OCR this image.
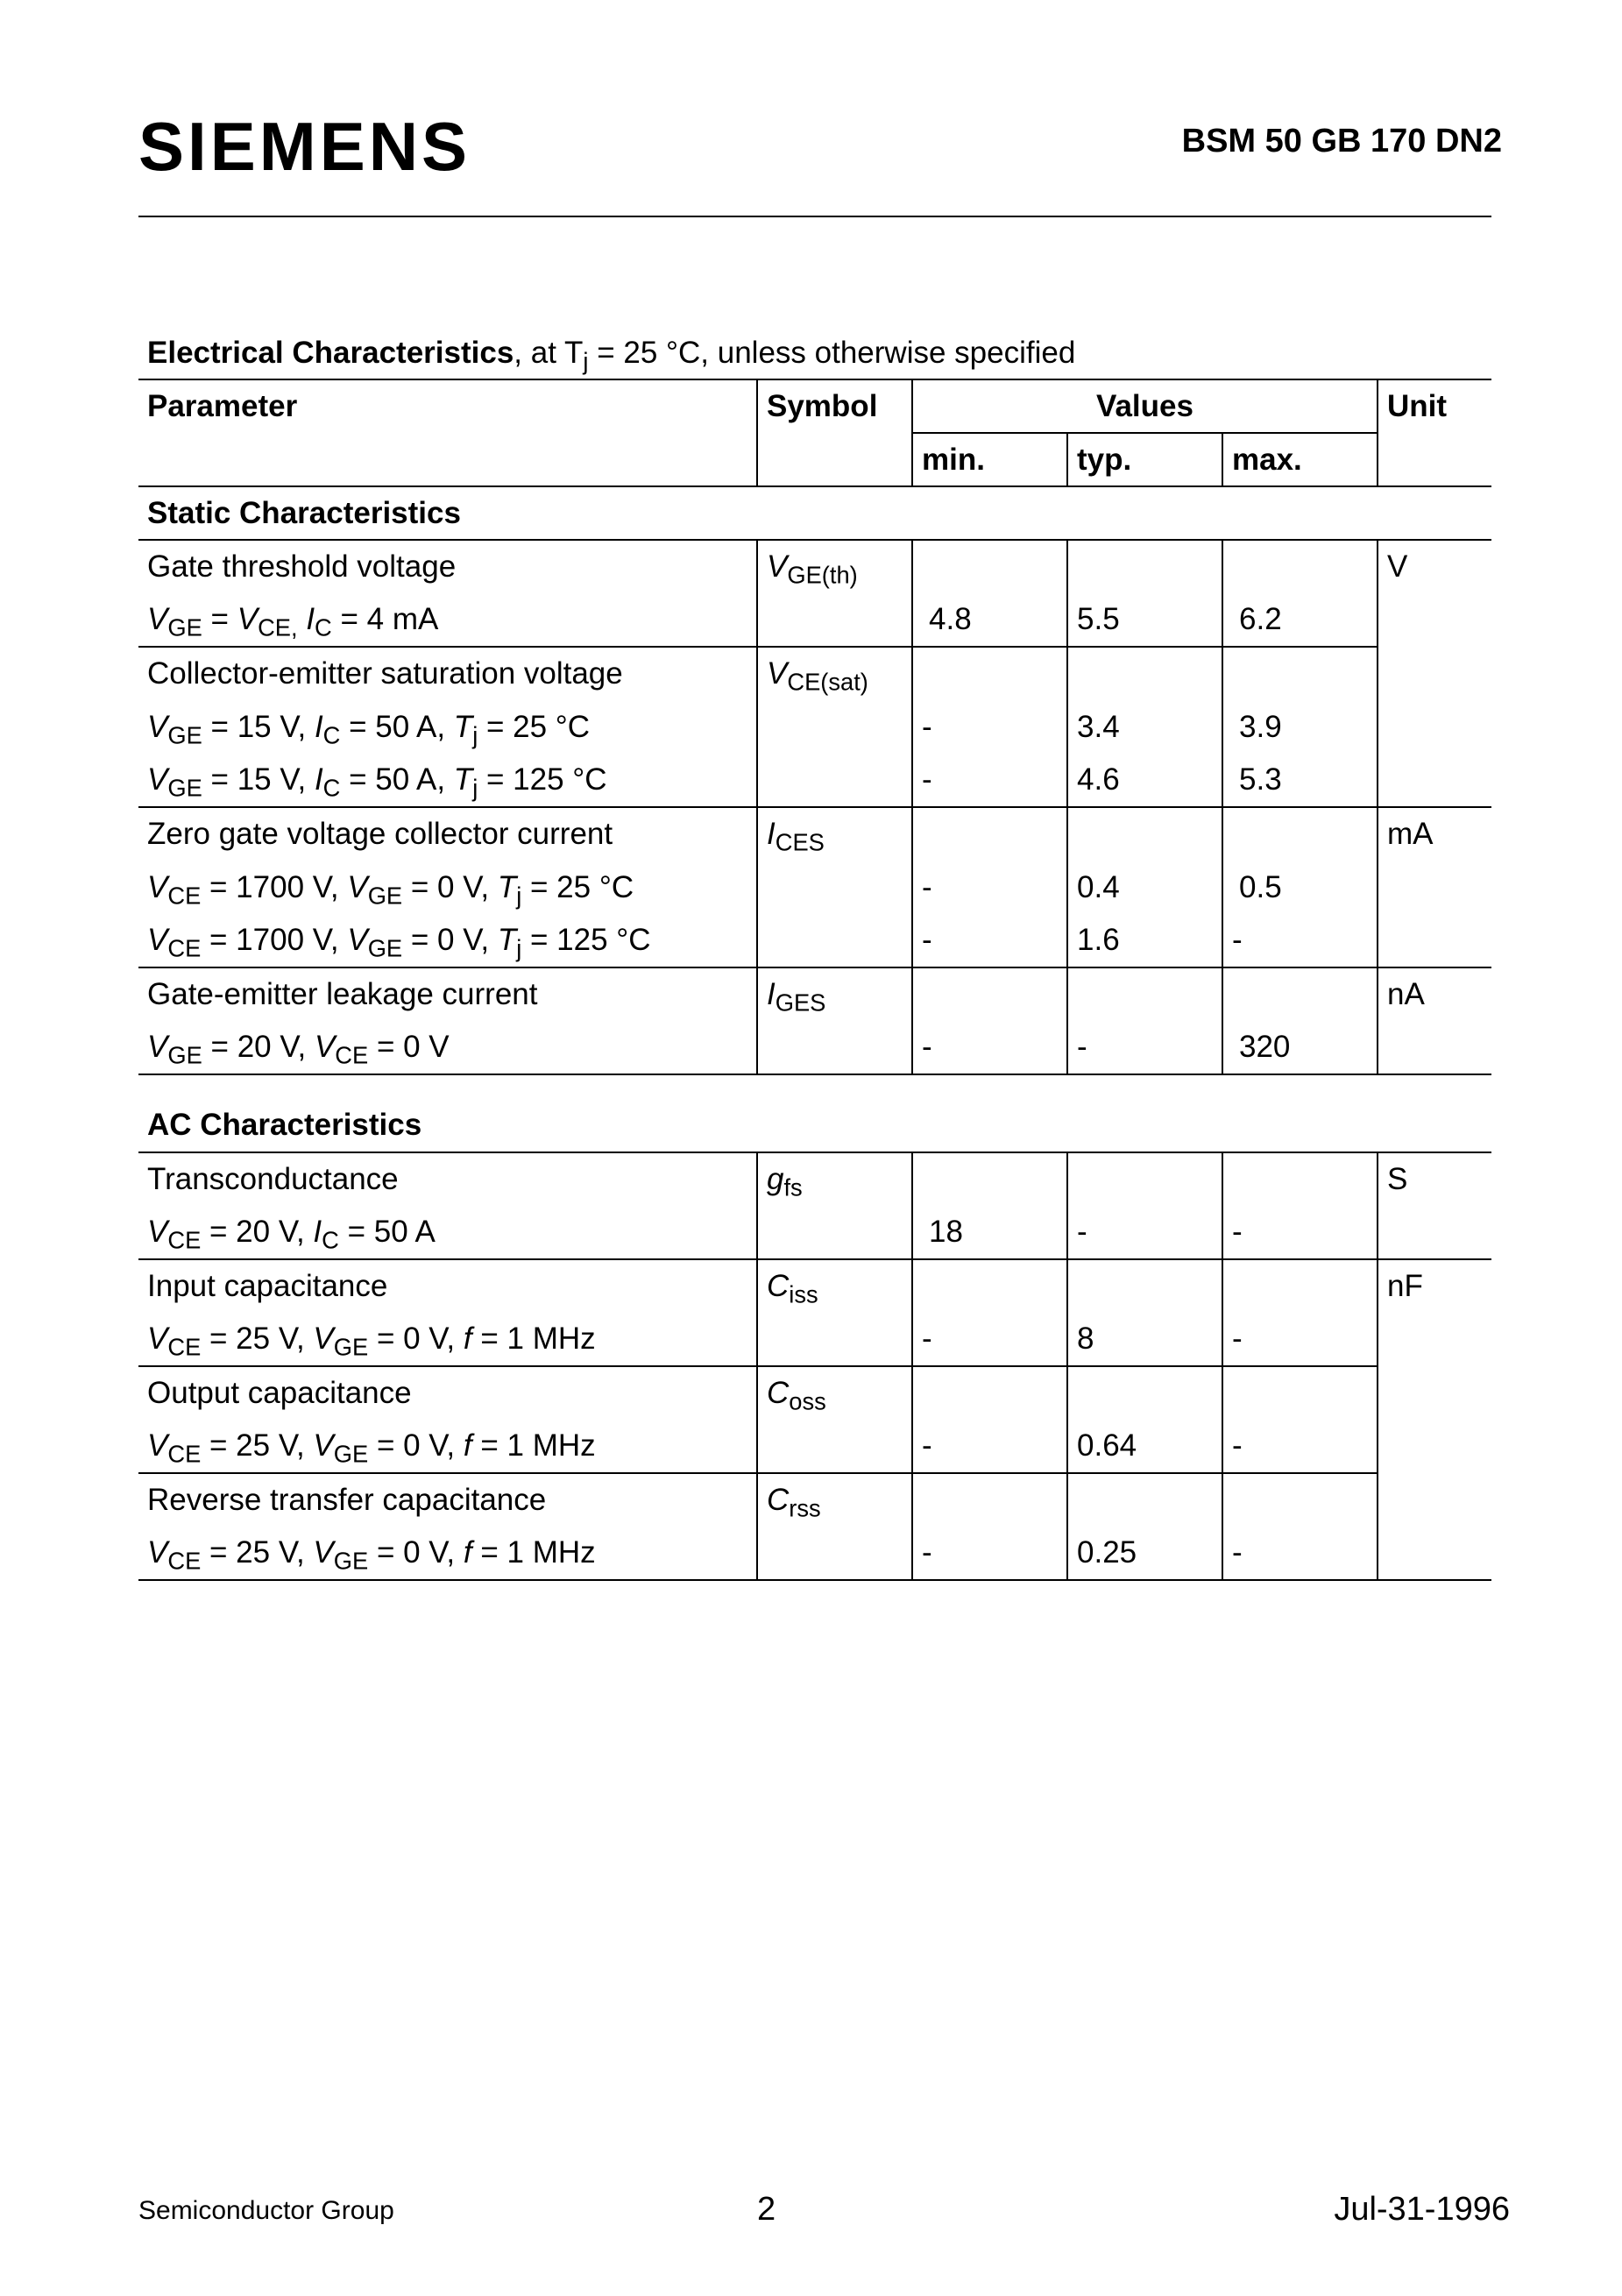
SIEMENS	BSM 50 GB 170 DN2
Electrical Characteristics, at $T_j = 25$ °C, unless otherwise specified
Parameter	Symbol	Values			Unit
		min.	typ.	max.	
Static Characteristics					
Gate threshold voltage	$V_{GE(th)}$				V
$V_{GE} = V_{CE,}$ $I_C = 4$ mA		4.8	5.5	6.2	
Collector-emitter saturation voltage	$V_{CE(sat)}$				
$V_{GE} = 15$ V, $I_C = 50$ A, $T_j = 25$ °C		-	3.4	3.9	
$V_{GE} = 15$ V, $I_C = 50$ A, $T_j = 125$ °C		-	4.6	5.3	
Zero gate voltage collector current	$I_{CES}$				mA
$V_{CE} = 1700$ V, $V_{GE} = 0$ V, $T_j = 25$ °C		-	0.4	0.5	
$V_{CE} = 1700$ V, $V_{GE} = 0$ V, $T_j = 125$ °C		-	1.6	-	
Gate-emitter leakage current	$I_{GES}$				nA
$V_{GE} = 20$ V, $V_{CE} = 0$ V		-	-	320	

AC Characteristics					
Transconductance	$g_{fs}$				S
$V_{CE} = 20$ V, $I_C = 50$ A		18	-	-	
Input capacitance	$C_{iss}$				nF
$V_{CE} = 25$ V, $V_{GE} = 0$ V, f = 1 MHz		-	8	-	
Output capacitance	$C_{oss}$				
$V_{CE} = 25$ V, $V_{GE} = 0$ V, f = 1 MHz		-	0.64	-	
Reverse transfer capacitance	$C_{rss}$				
$V_{CE} = 25$ V, $V_{GE} = 0$ V, f = 1 MHz		-	0.25	-	
Semiconductor Group	2	Jul-31-1996
